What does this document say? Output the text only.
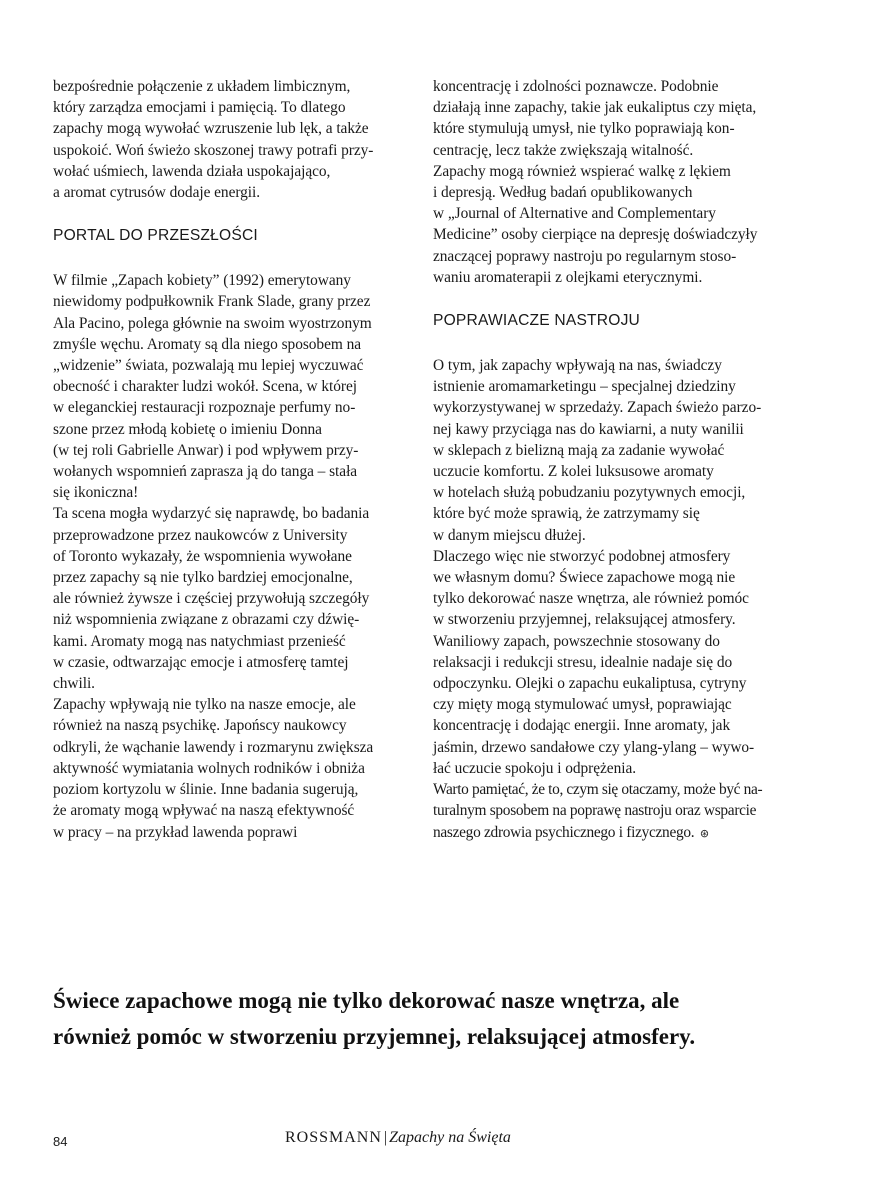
bezpośrednie połączenie z układem limbicznym,
który zarządza emocjami i pamięcią. To dlatego
zapachy mogą wywołać wzruszenie lub lęk, a także
uspokoić. Woń świeżo skoszonej trawy potrafi przy-
wołać uśmiech, lawenda działa uspokajająco,
a aromat cytrusów dodaje energii.
PORTAL DO PRZESZŁOŚCI
W filmie „Zapach kobiety” (1992) emerytowany
niewidomy podpułkownik Frank Slade, grany przez
Ala Pacino, polega głównie na swoim wyostrzonym
zmyśle węchu. Aromaty są dla niego sposobem na
„widzenie” świata, pozwalają mu lepiej wyczuwać
obecność i charakter ludzi wokół. Scena, w której
w eleganckiej restauracji rozpoznaje perfumy no-
szone przez młodą kobietę o imieniu Donna
(w tej roli Gabrielle Anwar) i pod wpływem przy-
wołanych wspomnień zaprasza ją do tanga – stała
się ikoniczna!
Ta scena mogła wydarzyć się naprawdę, bo badania
przeprowadzone przez naukowców z University
of Toronto wykazały, że wspomnienia wywołane
przez zapachy są nie tylko bardziej emocjonalne,
ale również żywsze i częściej przywołują szczegóły
niż wspomnienia związane z obrazami czy dźwię-
kami. Aromaty mogą nas natychmiast przenieść
w czasie, odtwarzając emocje i atmosferę tamtej
chwili.
Zapachy wpływają nie tylko na nasze emocje, ale
również na naszą psychikę. Japońscy naukowcy
odkryli, że wąchanie lawendy i rozmarynu zwiększa
aktywność wymiatania wolnych rodników i obniża
poziom kortyzolu w ślinie. Inne badania sugerują,
że aromaty mogą wpływać na naszą efektywność
w pracy – na przykład lawenda poprawi
koncentrację i zdolności poznawcze. Podobnie
działają inne zapachy, takie jak eukaliptus czy mięta,
które stymulują umysł, nie tylko poprawiają kon-
centrację, lecz także zwiększają witalność.
Zapachy mogą również wspierać walkę z lękiem
i depresją. Według badań opublikowanych
w „Journal of Alternative and Complementary
Medicine” osoby cierpiące na depresję doświadczyły
znaczącej poprawy nastroju po regularnym stoso-
waniu aromaterapii z olejkami eterycznymi.
POPRAWIACZE NASTROJU
O tym, jak zapachy wpływają na nas, świadczy
istnienie aromamarketingu – specjalnej dziedziny
wykorzystywanej w sprzedaży. Zapach świeżo parzo-
nej kawy przyciąga nas do kawiarni, a nuty wanilii
w sklepach z bielizną mają za zadanie wywołać
uczucie komfortu. Z kolei luksusowe aromaty
w hotelach służą pobudzaniu pozytywnych emocji,
które być może sprawią, że zatrzymamy się
w danym miejscu dłużej.
Dlaczego więc nie stworzyć podobnej atmosfery
we własnym domu? Świece zapachowe mogą nie
tylko dekorować nasze wnętrza, ale również pomóc
w stworzeniu przyjemnej, relaksującej atmosfery.
Waniliowy zapach, powszechnie stosowany do
relaksacji i redukcji stresu, idealnie nadaje się do
odpoczynku. Olejki o zapachu eukaliptusa, cytryny
czy mięty mogą stymulować umysł, poprawiając
koncentrację i dodając energii. Inne aromaty, jak
jaśmin, drzewo sandałowe czy ylang-ylang – wywo-
łać uczucie spokoju i odprężenia.
Warto pamiętać, że to, czym się otaczamy, może być na-
turalnym sposobem na poprawę nastroju oraz wsparcie
naszego zdrowia psychicznego i fizycznego. ⊛
Świece zapachowe mogą nie tylko dekorować nasze wnętrza, ale
również pomóc w stworzeniu przyjemnej, relaksującej atmosfery.
84	ROSSMANN | Zapachy na Święta
